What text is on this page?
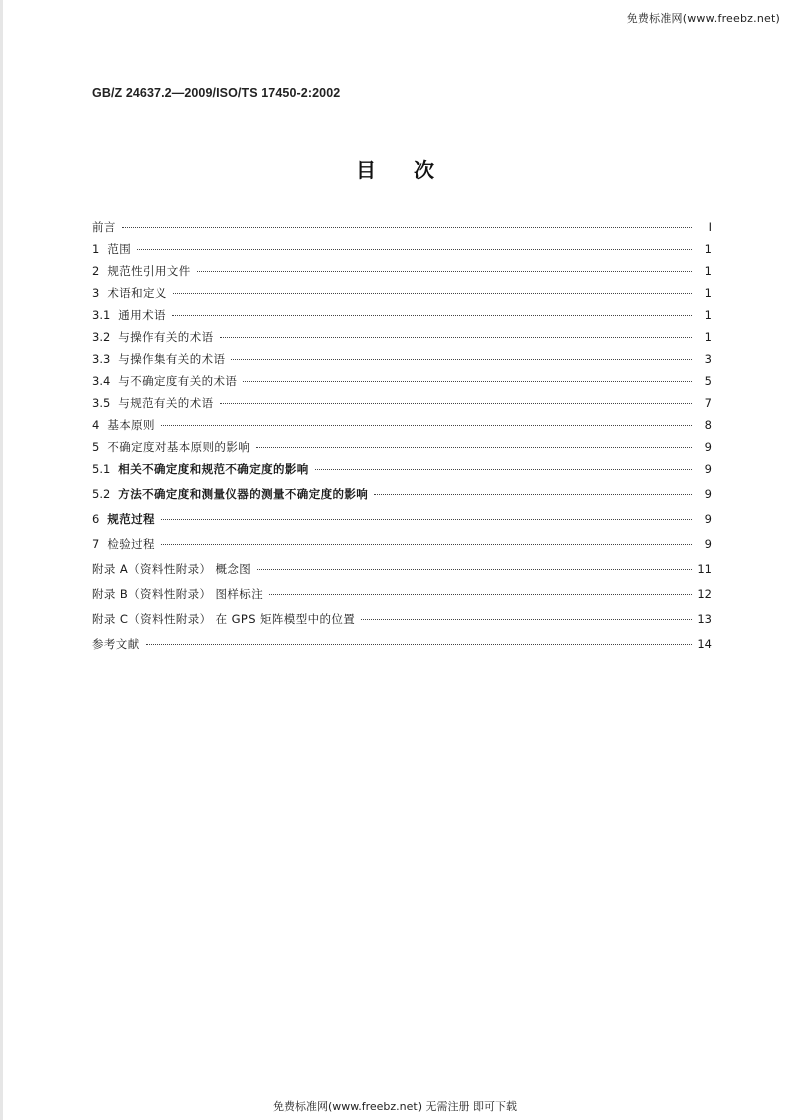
免费标准网(www.freebz.net)
GB/Z 24637.2—2009/ISO/TS 17450-2:2002
目次
前言	Ⅰ
1 范围	1
2 规范性引用文件	1
3 术语和定义	1
3.1 通用术语	1
3.2 与操作有关的术语	1
3.3 与操作集有关的术语	3
3.4 与不确定度有关的术语	5
3.5 与规范有关的术语	7
4 基本原则	8
5 不确定度对基本原则的影响	9
5.1 相关不确定度和规范不确定度的影响	9
5.2 方法不确定度和测量仪器的测量不确定度的影响	9
6 规范过程	9
7 检验过程	9
附录 A（资料性附录） 概念图	11
附录 B（资料性附录） 图样标注	12
附录 C（资料性附录） 在 GPS 矩阵模型中的位置	13
参考文献	14
免费标准网(www.freebz.net) 无需注册 即可下载
